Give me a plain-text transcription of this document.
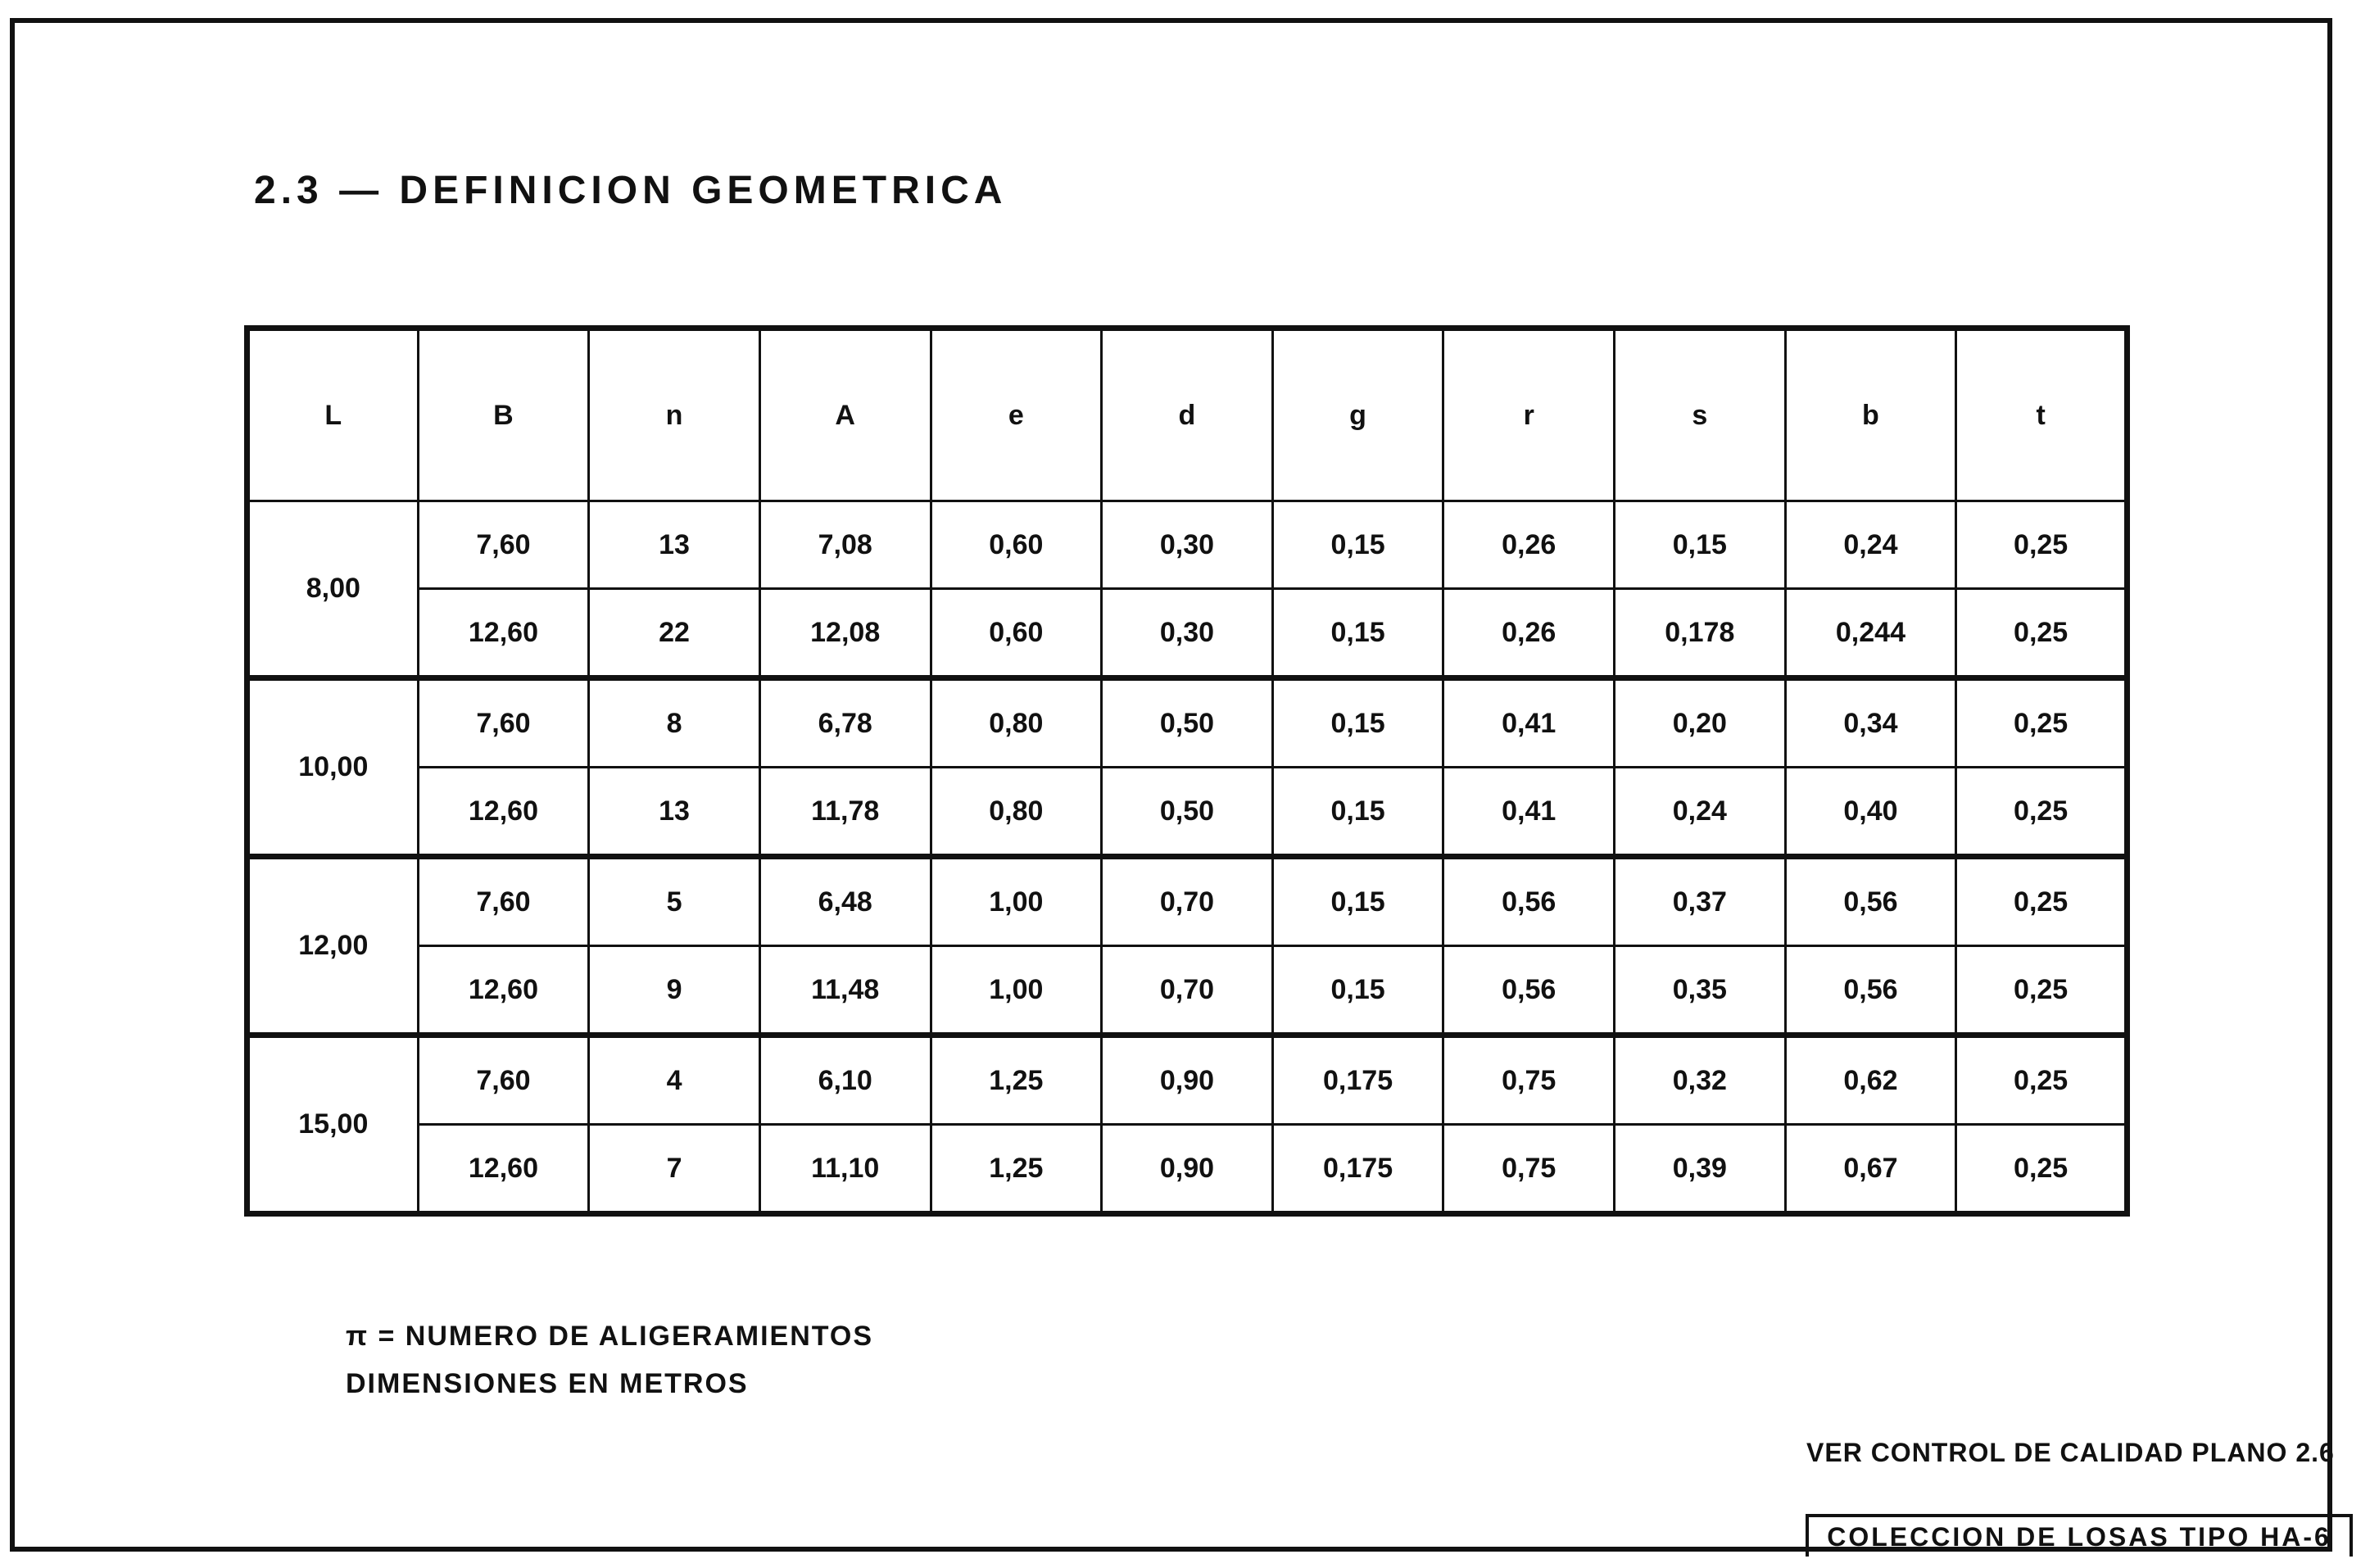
2.3 — DEFINICION GEOMETRICA
L	B	n	A	e	d	g	r	s	b	t
8,00	7,60	13	7,08	0,60	0,30	0,15	0,26	0,15	0,24	0,25
	12,60	22	12,08	0,60	0,30	0,15	0,26	0,178	0,244	0,25
10,00	7,60	8	6,78	0,80	0,50	0,15	0,41	0,20	0,34	0,25
	12,60	13	11,78	0,80	0,50	0,15	0,41	0,24	0,40	0,25
12,00	7,60	5	6,48	1,00	0,70	0,15	0,56	0,37	0,56	0,25
	12,60	9	11,48	1,00	0,70	0,15	0,56	0,35	0,56	0,25
15,00	7,60	4	6,10	1,25	0,90	0,175	0,75	0,32	0,62	0,25
	12,60	7	11,10	1,25	0,90	0,175	0,75	0,39	0,67	0,25
π = NUMERO DE ALIGERAMIENTOS
DIMENSIONES EN METROS
VER CONTROL DE CALIDAD PLANO 2.6
COLECCION DE LOSAS TIPO HA-6
